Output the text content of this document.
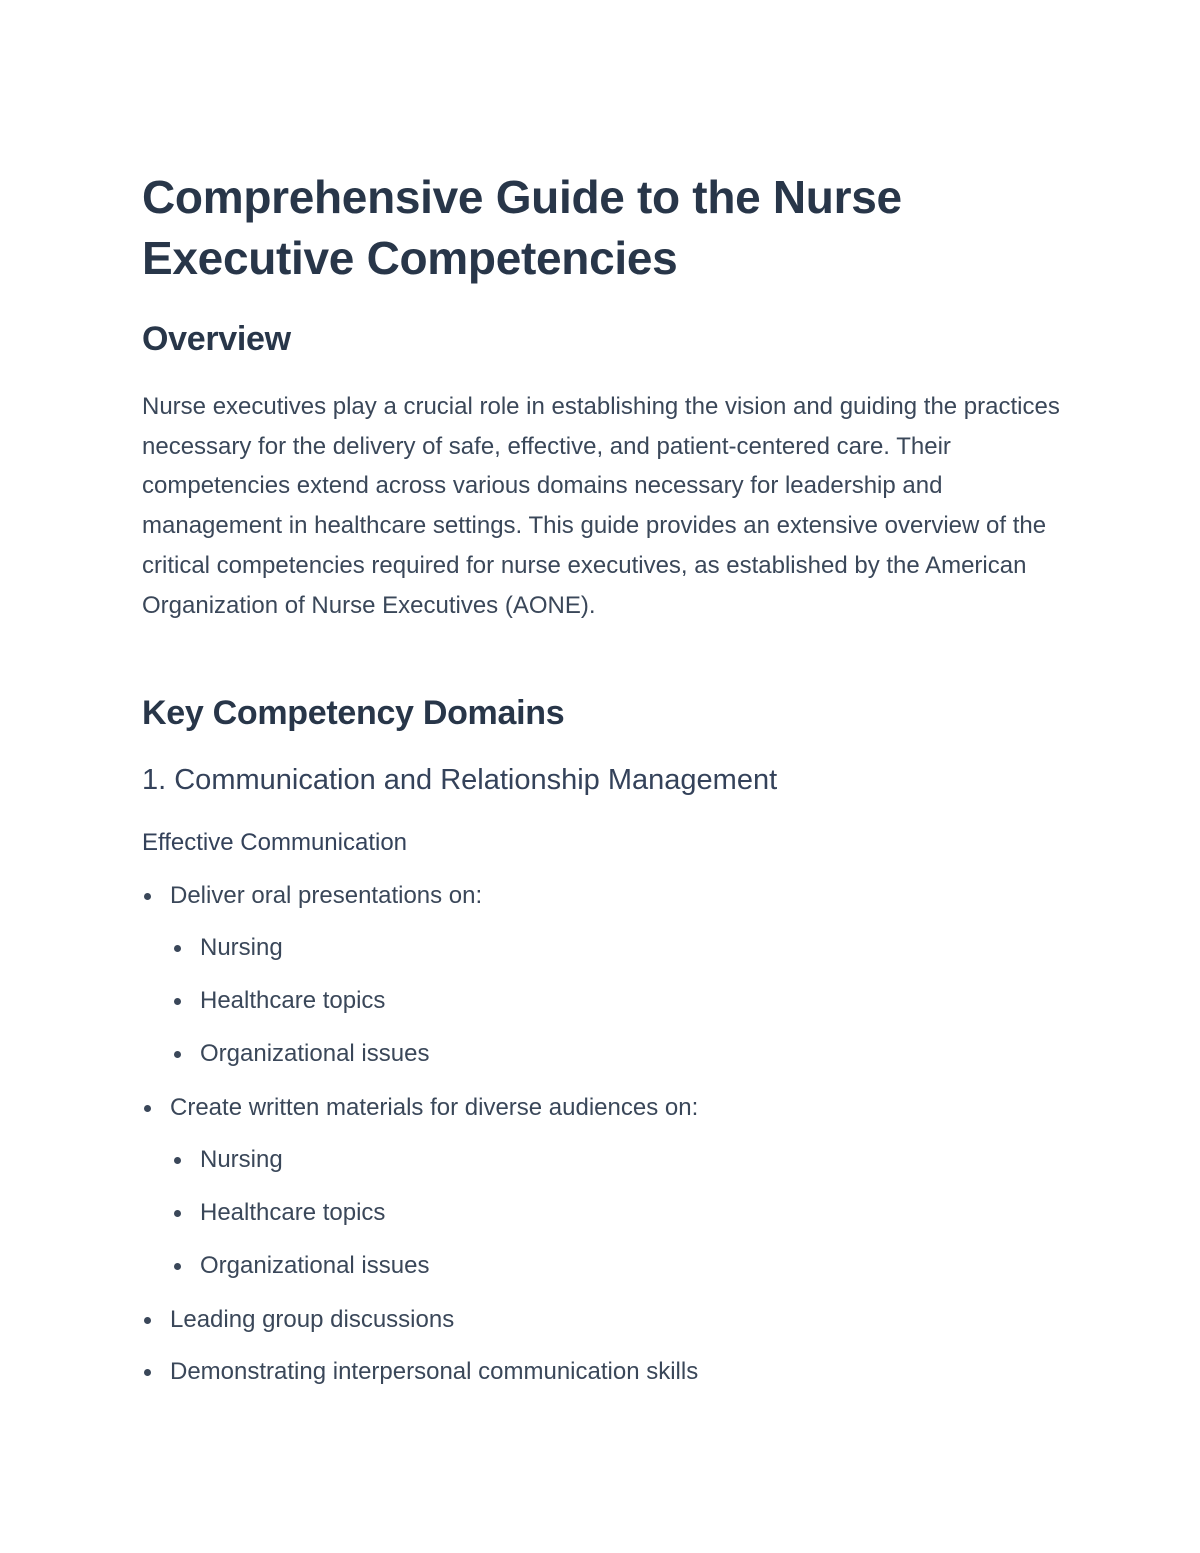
Comprehensive Guide to the Nurse Executive Competencies
Overview

Nurse executives play a crucial role in establishing the vision and guiding the practices necessary for the delivery of safe, effective, and patient-centered care. Their competencies extend across various domains necessary for leadership and management in healthcare settings. This guide provides an extensive overview of the critical competencies required for nurse executives, as established by the American Organization of Nurse Executives (AONE).

Key Competency Domains
1. Communication and Relationship Management
Effective Communication
Deliver oral presentations on:
Nursing
Healthcare topics
Organizational issues
Create written materials for diverse audiences on:
Nursing
Healthcare topics
Organizational issues
Leading group discussions
Demonstrating interpersonal communication skills
